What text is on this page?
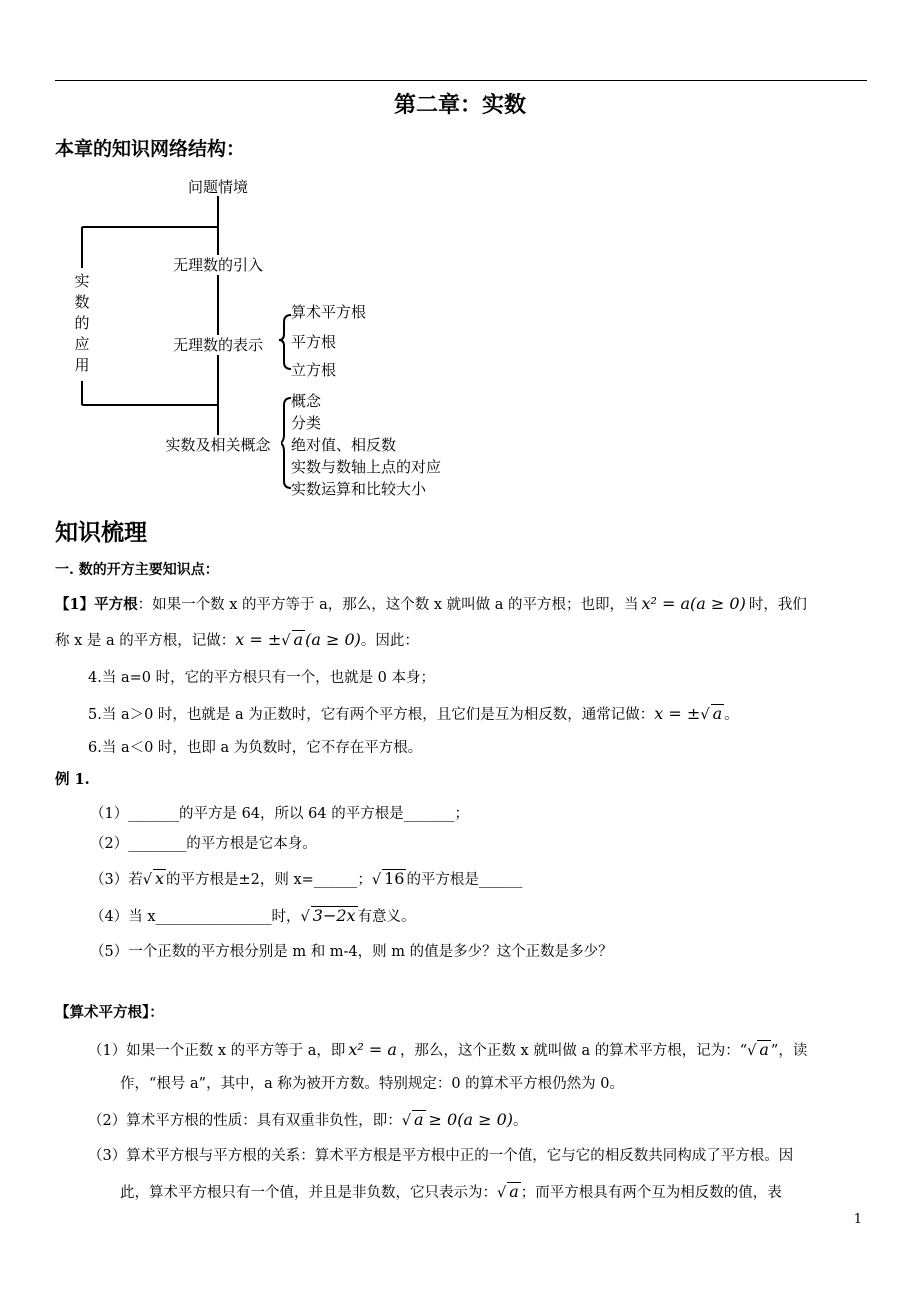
第二章：实数
本章的知识网络结构：
实
数
的
应
用
问题情境
无理数的引入
无理数的表示
实数及相关概念
算术平方根
平方根
立方根
概念
分类
绝对值、相反数
实数与数轴上点的对应
实数运算和比较大小
知识梳理
一. 数的开方主要知识点：
【1】平方根：如果一个数 x 的平方等于 a，那么，这个数 x 就叫做 a 的平方根；也即，当 x² = a(a ≥ 0) 时，我们
称 x 是 a 的平方根，记做：x = ±√ a (a ≥ 0)。因此：
4.当 a=0 时，它的平方根只有一个，也就是 0 本身；
5.当 a＞0 时，也就是 a 为正数时，它有两个平方根，且它们是互为相反数，通常记做：x = ±√ a 。
6.当 a＜0 时，也即 a 为负数时，它不存在平方根。
例 1.
（1）_______的平方是 64，所以 64 的平方根是_______；
（2）________的平方根是它本身。
（3）若√ x 的平方根是±2，则 x=______；√ 16 的平方根是______
（4）当 x________________时，√ 3−2x 有意义。
（5）一个正数的平方根分别是 m 和 m-4，则 m 的值是多少？这个正数是多少？
【算术平方根】：
（1）如果一个正数 x 的平方等于 a，即 x² = a ，那么，这个正数 x 就叫做 a 的算术平方根，记为：“√ a ”，读
作，“根号 a”，其中，a 称为被开方数。特别规定：0 的算术平方根仍然为 0。
（2）算术平方根的性质：具有双重非负性，即：√ a ≥ 0(a ≥ 0)。
（3）算术平方根与平方根的关系：算术平方根是平方根中正的一个值，它与它的相反数共同构成了平方根。因
此，算术平方根只有一个值，并且是非负数，它只表示为：√ a ；而平方根具有两个互为相反数的值，表
1
